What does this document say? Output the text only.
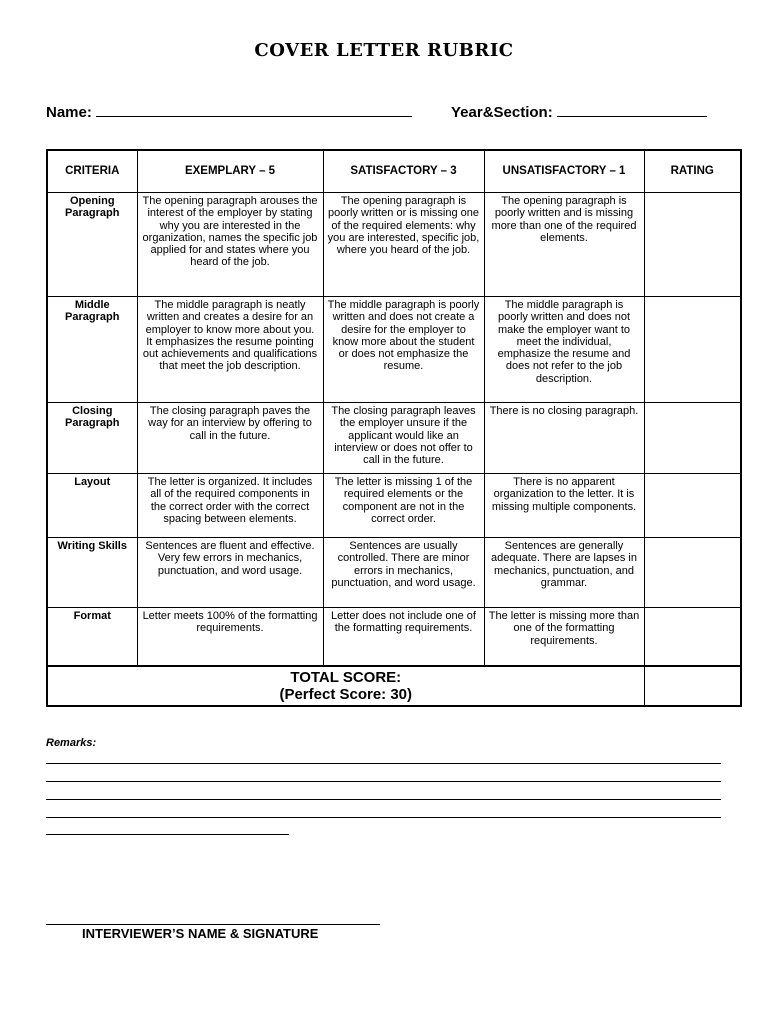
COVER LETTER RUBRIC
Name:	Year&Section:
CRITERIA	EXEMPLARY – 5	SATISFACTORY – 3	UNSATISFACTORY – 1	RATING
Opening Paragraph	The opening paragraph arouses the interest of the employer by stating why you are interested in the organization, names the specific job applied for and states where you heard of the job.	The opening paragraph is poorly written or is missing one of the required elements: why you are interested, specific job, where you heard of the job.	The opening paragraph is poorly written and is missing more than one of the required elements.	
Middle Paragraph	The middle paragraph is neatly written and creates a desire for an employer to know more about you. It emphasizes the resume pointing out achievements and qualifications that meet the job description.	The middle paragraph is poorly written and does not create a desire for the employer to know more about the student or does not emphasize the resume.	The middle paragraph is poorly written and does not make the employer want to meet the individual, emphasize the resume and does not refer to the job description.	
Closing Paragraph	The closing paragraph paves the way for an interview by offering to call in the future.	The closing paragraph leaves the employer unsure if the applicant would like an interview or does not offer to call in the future.	There is no closing paragraph.	
Layout	The letter is organized. It includes all of the required components in the correct order with the correct spacing between elements.	The letter is missing 1 of the required elements or the component are not in the correct order.	There is no apparent organization to the letter. It is missing multiple components.	
Writing Skills	Sentences are fluent and effective. Very few errors in mechanics, punctuation, and word usage.	Sentences are usually controlled. There are minor errors in mechanics, punctuation, and word usage.	Sentences are generally adequate. There are lapses in mechanics, punctuation, and grammar.	
Format	Letter meets 100% of the formatting requirements.	Letter does not include one of the formatting requirements.	The letter is missing more than one of the formatting requirements.	

TOTAL SCORE:
(Perfect Score: 30)				

Remarks:
INTERVIEWER’S NAME & SIGNATURE
